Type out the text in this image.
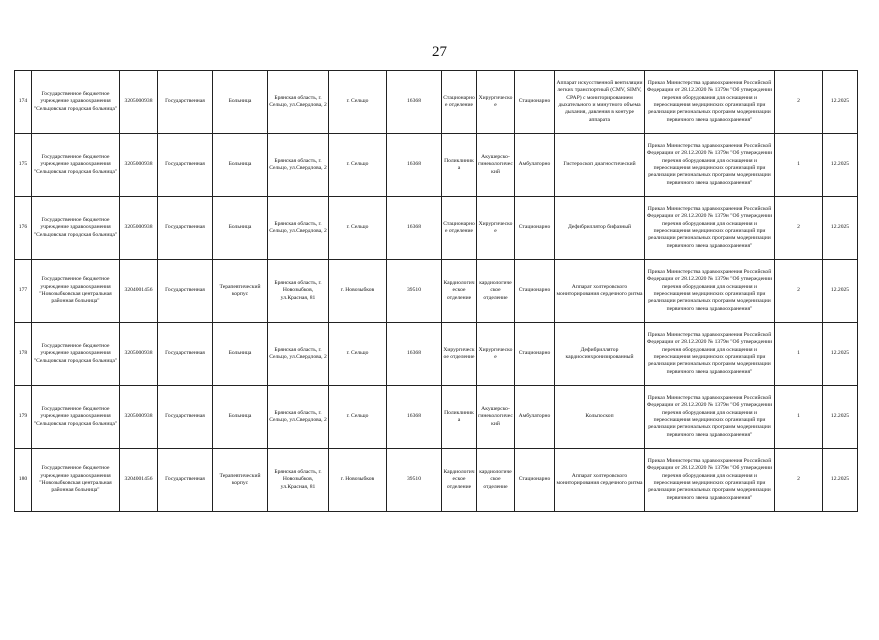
27
174	Государственное бюджетное учреждение здравоохранения "Сельцовская городская больница"	3205000938	Государственная	Больница	Брянская область, г. Сельцо, ул.Свердлова, 2	г. Сельцо	16368	Стационарное отделение	Хирургическое	Стационарно	Аппарат искусственной вентиляции легких транспортный (CMV, SIMV, CPAP) с мониторированием дыхательного и минутного объема дыхания, давления в контуре аппарата	Приказ Министерства здравоохранения Российской Федерации от 28.12.2020 № 1379н "Об утверждении перечня оборудования для оснащения и переоснащения медицинских организаций при реализации региональных программ модернизации первичного звена здравоохранения"	2	12.2025
175	Государственное бюджетное учреждение здравоохранения "Сельцовская городская больница"	3205000938	Государственная	Больница	Брянская область, г. Сельцо, ул.Свердлова, 2	г. Сельцо	16368	Поликлиника	Акушерско-гинекологический	Амбулаторно	Гистероскоп диагностический	Приказ Министерства здравоохранения Российской Федерации от 28.12.2020 № 1379н "Об утверждении перечня оборудования для оснащения и переоснащения медицинских организаций при реализации региональных программ модернизации первичного звена здравоохранения"	1	12.2025
176	Государственное бюджетное учреждение здравоохранения "Сельцовская городская больница"	3205000938	Государственная	Больница	Брянская область, г. Сельцо, ул.Свердлова, 2	г. Сельцо	16368	Стационарное отделение	Хирургическое	Стационарно	Дефибриллятор бифазный	Приказ Министерства здравоохранения Российской Федерации от 28.12.2020 № 1379н "Об утверждении перечня оборудования для оснащения и переоснащения медицинских организаций при реализации региональных программ модернизации первичного звена здравоохранения"	2	12.2025
177	Государственное бюджетное учреждение здравоохранения "Новозыбковская центральная районная больница"	3204001456	Государственная	Терапевтический корпус	Брянская область, г. Новозыбков, ул.Красная, 81	г. Новозыбков	39510	Кардиологическое отделение	кардиологическое отделение	Стационарно	Аппарат холтеровского мониторирования сердечного ритма	Приказ Министерства здравоохранения Российской Федерации от 28.12.2020 № 1379н "Об утверждении перечня оборудования для оснащения и переоснащения медицинских организаций при реализации региональных программ модернизации первичного звена здравоохранения"	2	12.2025
178	Государственное бюджетное учреждение здравоохранения "Сельцовская городская больница"	3205000938	Государственная	Больница	Брянская область, г. Сельцо, ул.Свердлова, 2	г. Сельцо	16368	Хирургическое отделение	Хирургическое	Стационарно	Дефибриллятор кардиосинхронизированный	Приказ Министерства здравоохранения Российской Федерации от 28.12.2020 № 1379н "Об утверждении перечня оборудования для оснащения и переоснащения медицинских организаций при реализации региональных программ модернизации первичного звена здравоохранения"	1	12.2025
179	Государственное бюджетное учреждение здравоохранения "Сельцовская городская больница"	3205000938	Государственная	Больница	Брянская область, г. Сельцо, ул.Свердлова, 2	г. Сельцо	16368	Поликлиника	Акушерско-гинекологический	Амбулаторно	Кольпоскоп	Приказ Министерства здравоохранения Российской Федерации от 28.12.2020 № 1379н "Об утверждении перечня оборудования для оснащения и переоснащения медицинских организаций при реализации региональных программ модернизации первичного звена здравоохранения"	1	12.2025
180	Государственное бюджетное учреждение здравоохранения "Новозыбковская центральная районная больница"	3204001456	Государственная	Терапевтический корпус	Брянская область, г. Новозыбков, ул.Красная, 81	г. Новозыбков	39510	Кардиологическое отделение	кардиологическое отделение	Стационарно	Аппарат холтеровского мониторирования сердечного ритма	Приказ Министерства здравоохранения Российской Федерации от 28.12.2020 № 1379н "Об утверждении перечня оборудования для оснащения и переоснащения медицинских организаций при реализации региональных программ модернизации первичного звена здравоохранения"	2	12.2025
